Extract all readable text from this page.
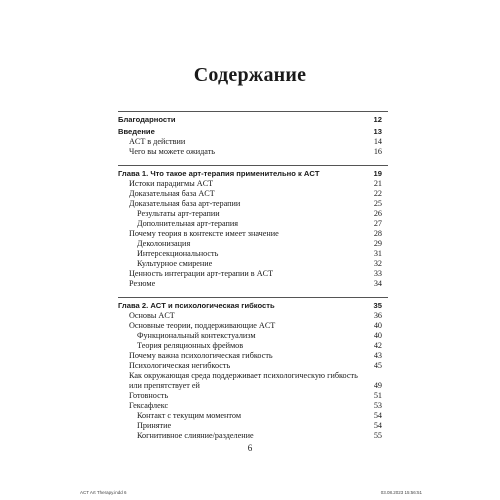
Содержание
Благодарности	12
Введение	13
ACT в действии	14
Чего вы можете ожидать	16
Глава 1. Что такое арт-терапия применительно к ACT	19
Истоки парадигмы ACT	21
Доказательная база ACT	22
Доказательная база арт-терапии	25
Результаты арт-терапии	26
Дополнительная арт-терапия	27
Почему теория в контексте имеет значение	28
Деколонизация	29
Интерсекциональность	31
Культурное смирение	32
Ценность интеграции арт-терапии в ACT	33
Резюме	34
Глава 2. ACT и психологическая гибкость	35
Основы ACT	36
Основные теории, поддерживающие ACT	40
Функциональный контекстуализм	40
Теория реляционных фреймов	42
Почему важна психологическая гибкость	43
Психологическая негибкость	45
Как окружающая среда поддерживает психологическую гибкость или препятствует ей	49
Готовность	51
Гексафлекс	53
Контакт с текущим моментом	54
Принятие	54
Когнитивное слияние/разделение	55
6
ACT Art Therapy.indd 6	03.08.2023 15:56:51
